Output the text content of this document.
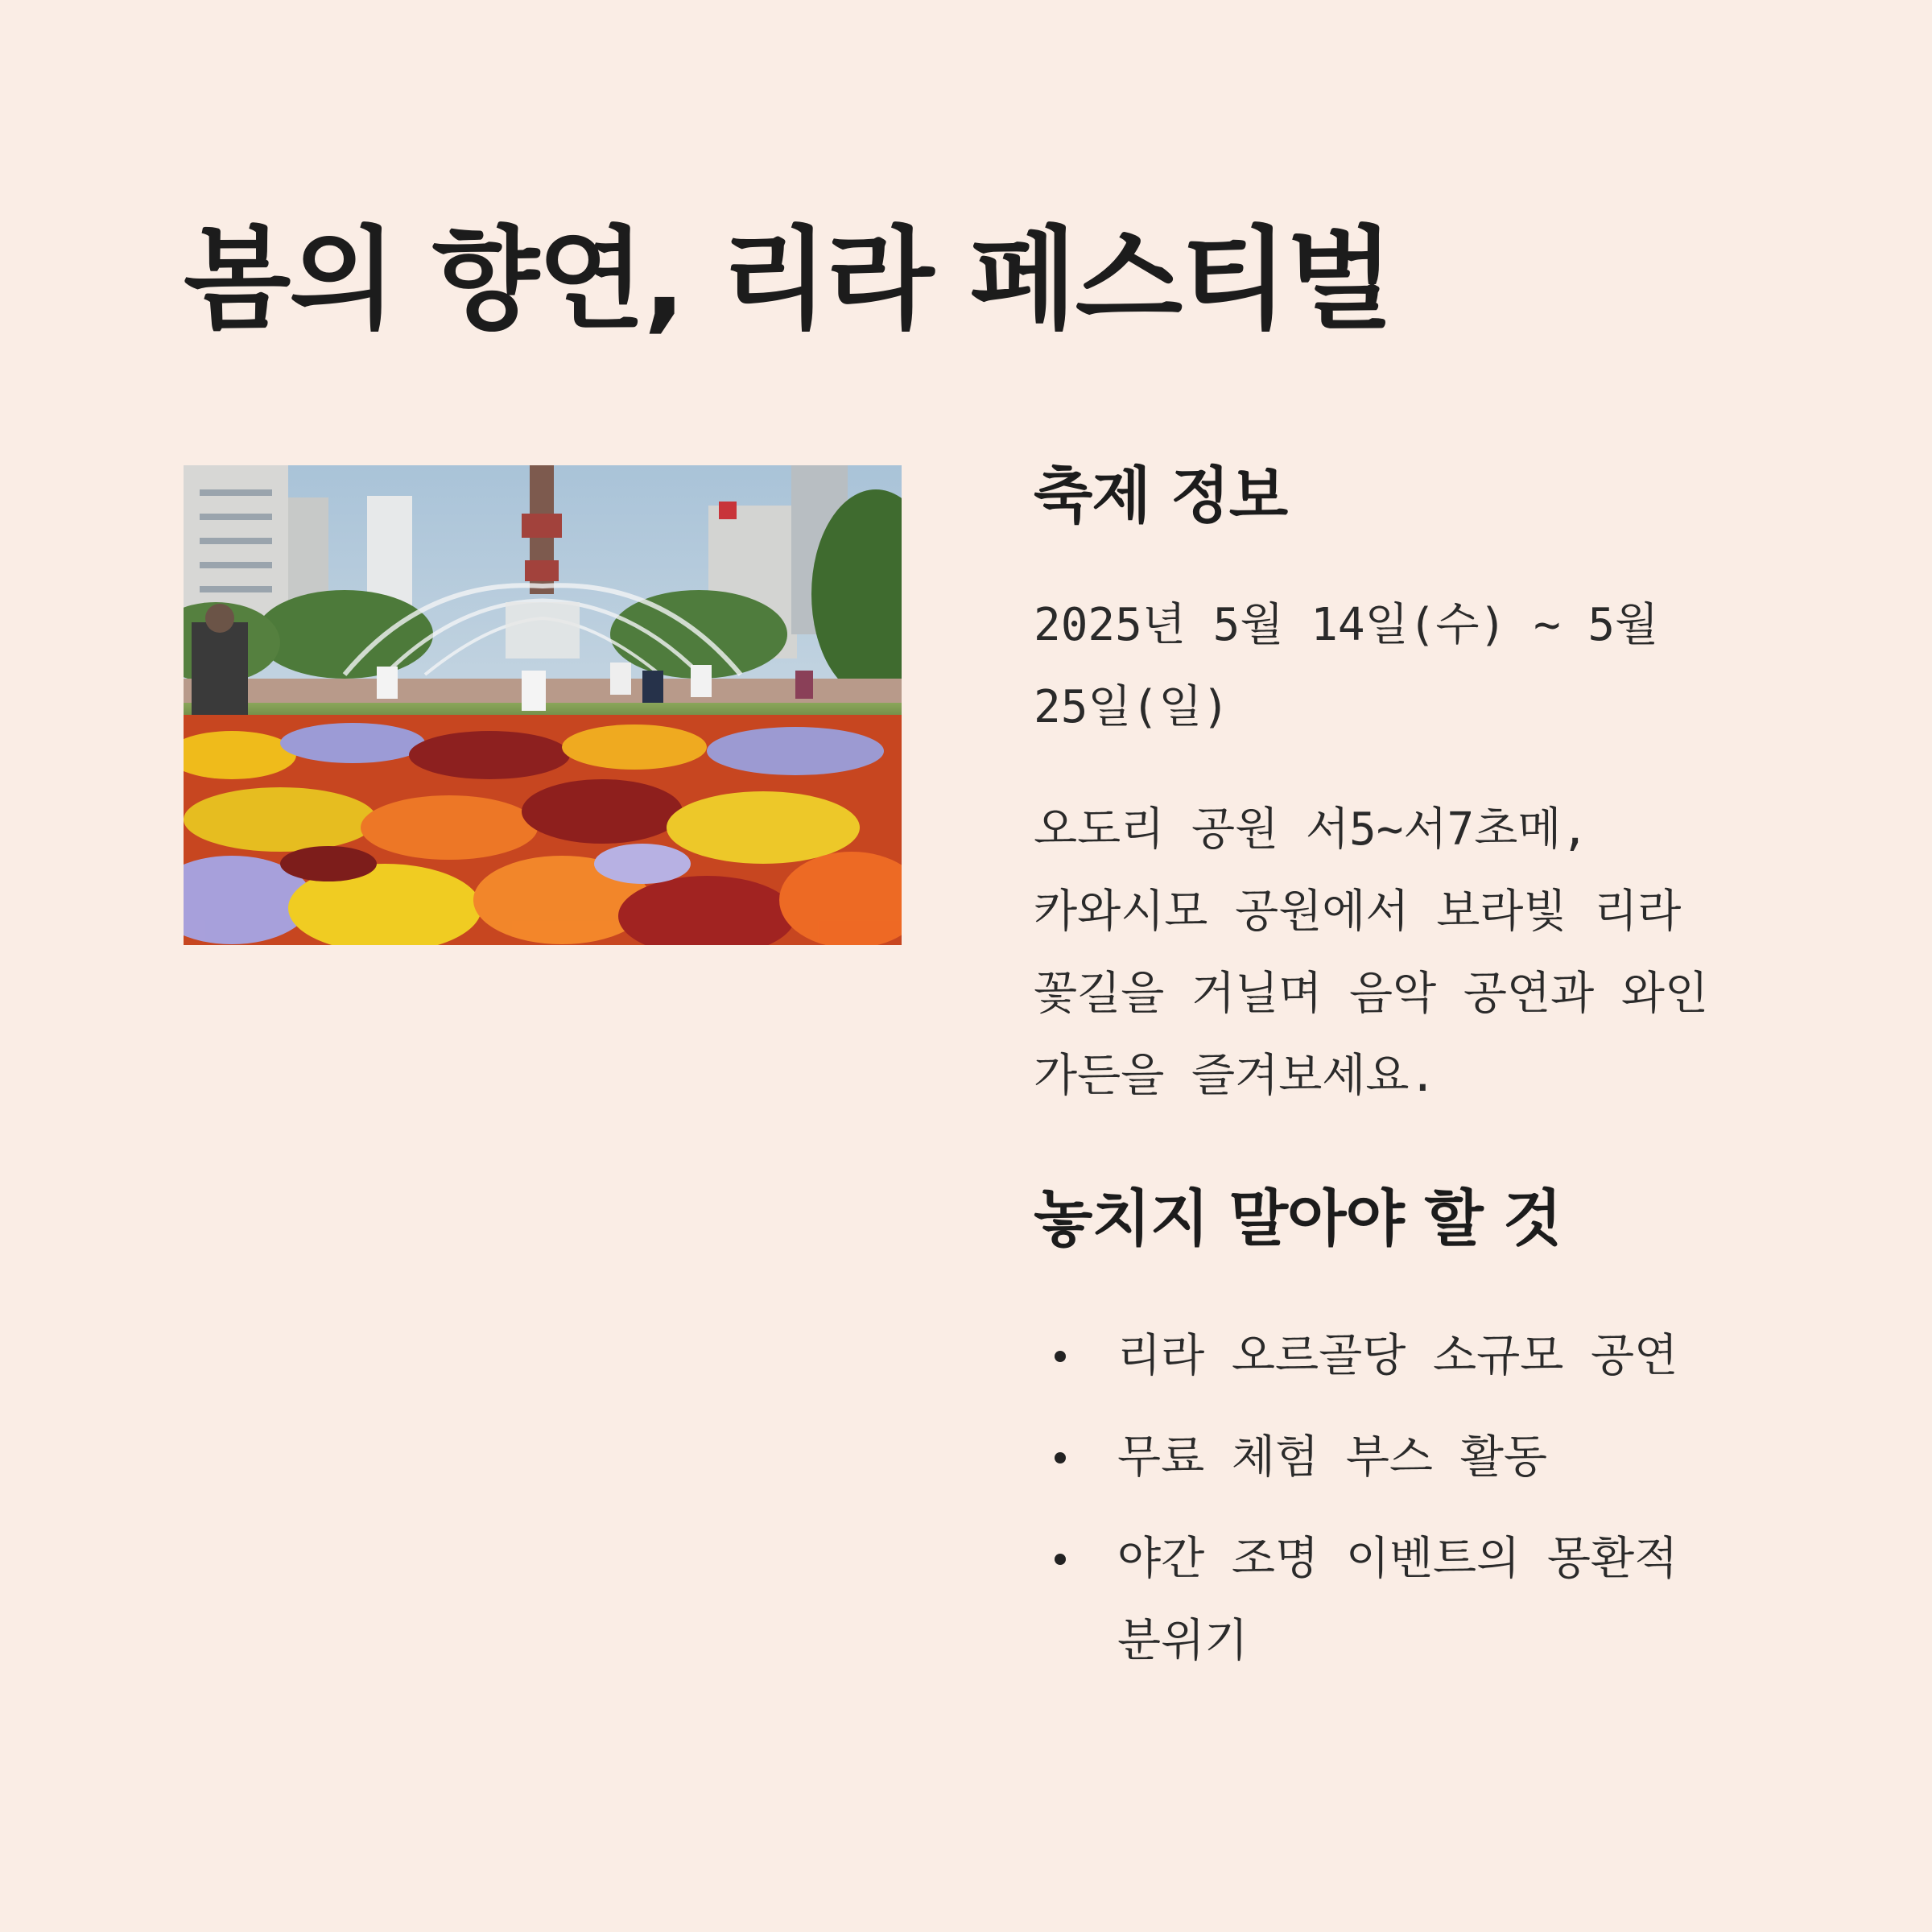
봄의 향연, 리라 페스티벌
축제 정보

2025년 5월 14일(수) ~ 5월 25일(일)

오도리 공원 서5~서7초메, 카와시모 공원에서 보라빛 리라 꽃길을 거닐며 음악 공연과 와인 가든을 즐겨보세요.

놓치지 말아야 할 것
리라 오르골당 소규모 공연
무료 체험 부스 활동
야간 조명 이벤트의 몽환적 분위기
